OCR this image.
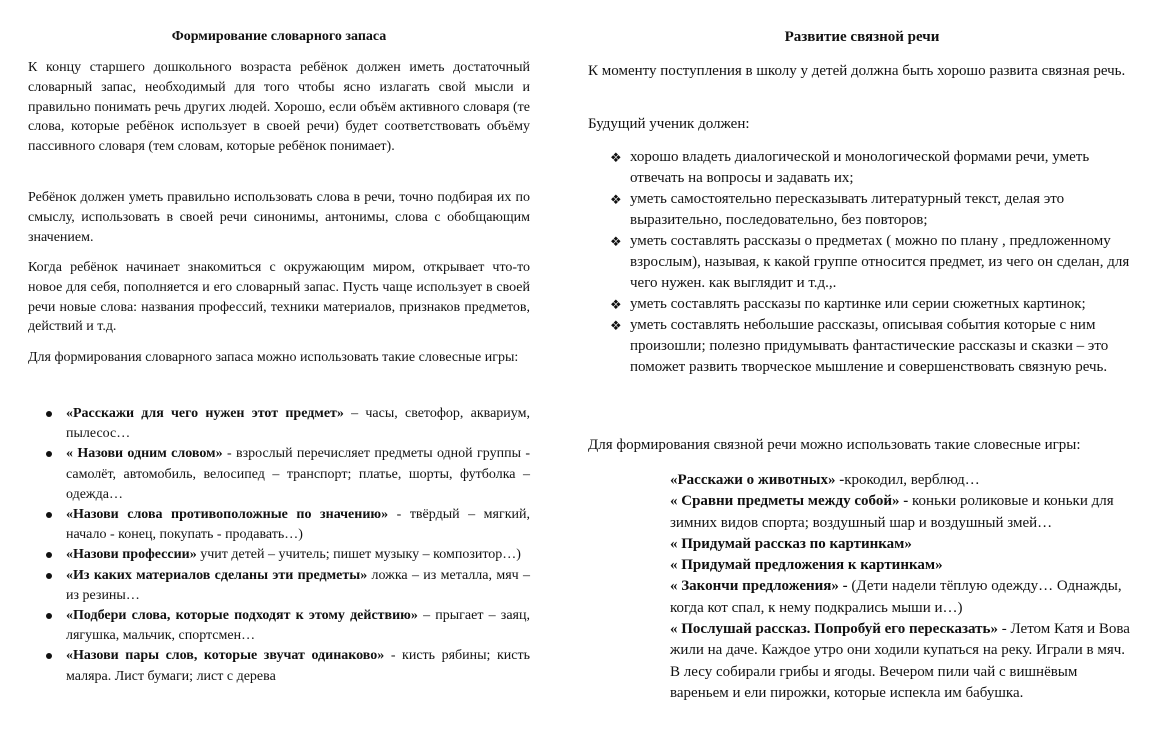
Формирование словарного запаса

К концу старшего дошкольного возраста ребёнок должен иметь достаточный словарный запас, необходимый для того чтобы ясно излагать свой мысли и правильно понимать речь других людей. Хорошо, если объём активного словаря (те слова, которые ребёнок использует в своей речи) будет соответствовать объёму пассивного словаря (тем словам, которые ребёнок понимает).

Ребёнок должен уметь правильно использовать слова в речи, точно подбирая их по смыслу, использовать в своей речи синонимы, антонимы, слова с обобщающим значением.

Когда ребёнок начинает знакомиться с окружающим миром, открывает что-то новое для себя, пополняется и его словарный запас. Пусть чаще использует в своей речи новые слова: названия профессий, техники материалов, признаков предметов, действий и т.д.

Для формирования словарного запаса можно использовать такие словесные игры:

«Расскажи для чего нужен этот предмет» – часы, светофор, аквариум, пылесос…
« Назови одним словом» - взрослый перечисляет предметы одной группы - самолёт, автомобиль, велосипед – транспорт; платье, шорты, футболка – одежда…
«Назови слова противоположные по значению» - твёрдый – мягкий, начало - конец, покупать - продавать…)
«Назови профессии» учит детей – учитель; пишет музыку – композитор…)
«Из каких материалов сделаны эти предметы» ложка – из металла, мяч – из резины…
«Подбери слова, которые подходят к этому действию» – прыгает – заяц, лягушка, мальчик, спортсмен…
«Назови пары слов, которые звучат одинаково» - кисть рябины; кисть маляра. Лист бумаги; лист с дерева
Развитие связной речи

К моменту поступления в школу у детей должна быть хорошо развита связная речь.

Будущий ученик должен:

❖ хорошо владеть диалогической и монологической формами речи, уметь отвечать на вопросы и задавать их;
❖ уметь самостоятельно пересказывать литературный текст, делая это выразительно, последовательно, без повторов;
❖ уметь составлять рассказы о предметах ( можно по плану , предложенному взрослым), называя, к какой группе относится предмет, из чего он сделан, для чего нужен. как выглядит и т.д.,.
❖ уметь составлять рассказы по картинке или серии сюжетных картинок;
❖ уметь составлять небольшие рассказы, описывая события которые с ним произошли; полезно придумывать фантастические рассказы и сказки – это поможет развить творческое мышление и совершенствовать связную речь.

Для формирования связной речи можно использовать такие словесные игры:

«Расскажи о животных» -крокодил, верблюд…
« Сравни предметы между собой» - коньки роликовые и коньки для зимних видов спорта; воздушный шар и воздушный змей…
« Придумай рассказ по картинкам»
« Придумай предложения к картинкам»
« Закончи предложения» - (Дети надели тёплую одежду… Однажды, когда кот спал, к нему подкрались мыши и…)
« Послушай рассказ. Попробуй его пересказать» - Летом Катя и Вова жили на даче. Каждое утро они ходили купаться на реку. Играли в мяч. В лесу собирали грибы и ягоды. Вечером пили чай с вишнёвым вареньем и ели пирожки, которые испекла им бабушка.
